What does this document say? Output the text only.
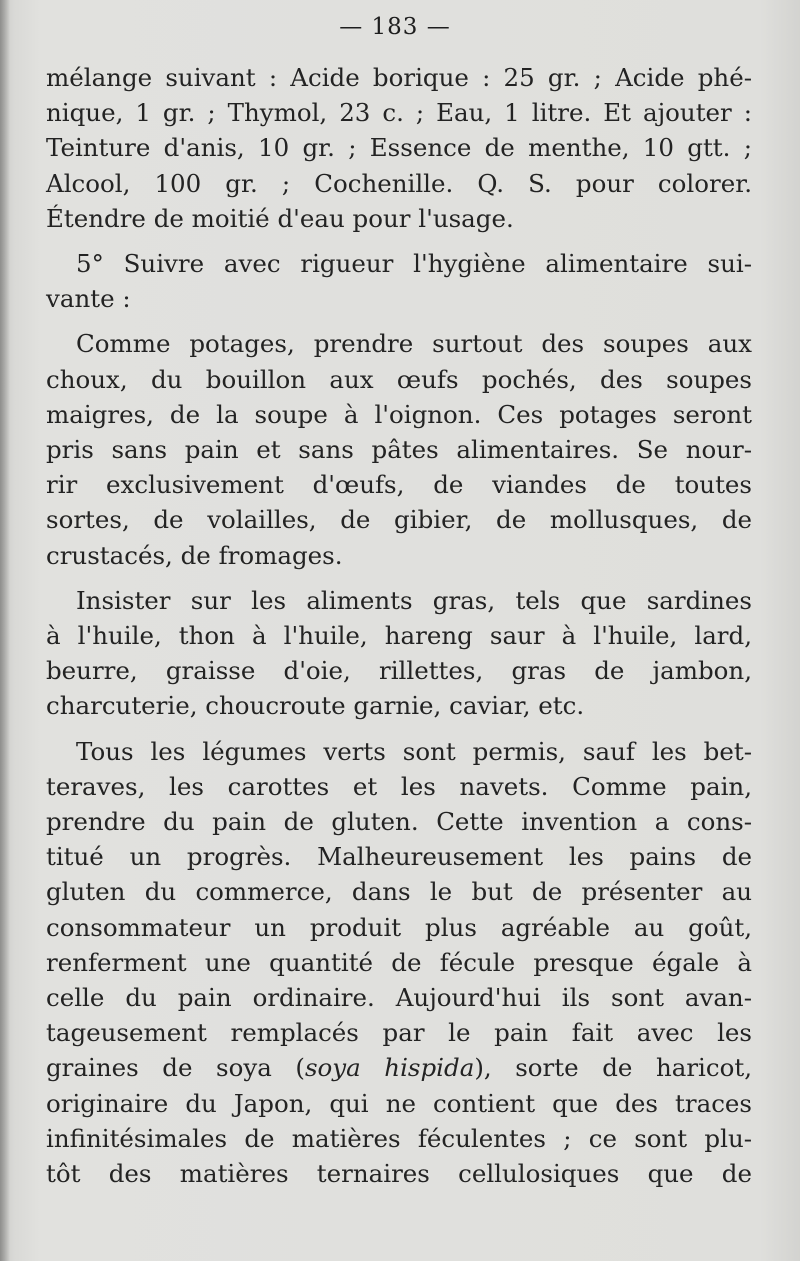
— 183 —

mélange suivant : Acide borique : 25 gr. ; Acide phé-
nique, 1 gr. ; Thymol, 23 c. ; Eau, 1 litre. Et ajouter :
Teinture d'anis, 10 gr. ; Essence de menthe, 10 gtt. ;
Alcool, 100 gr. ; Cochenille. Q. S. pour colorer.
Étendre de moitié d'eau pour l'usage.

5° Suivre avec rigueur l'hygiène alimentaire sui-
vante :

Comme potages, prendre surtout des soupes aux
choux, du bouillon aux œufs pochés, des soupes
maigres, de la soupe à l'oignon. Ces potages seront
pris sans pain et sans pâtes alimentaires. Se nour-
rir exclusivement d'œufs, de viandes de toutes
sortes, de volailles, de gibier, de mollusques, de
crustacés, de fromages.

Insister sur les aliments gras, tels que sardines
à l'huile, thon à l'huile, hareng saur à l'huile, lard,
beurre, graisse d'oie, rillettes, gras de jambon,
charcuterie, choucroute garnie, caviar, etc.

Tous les légumes verts sont permis, sauf les bet-
teraves, les carottes et les navets. Comme pain,
prendre du pain de gluten. Cette invention a cons-
titué un progrès. Malheureusement les pains de
gluten du commerce, dans le but de présenter au
consommateur un produit plus agréable au goût,
renferment une quantité de fécule presque égale à
celle du pain ordinaire. Aujourd'hui ils sont avan-
tageusement remplacés par le pain fait avec les
graines de soya (soya hispida), sorte de haricot,
originaire du Japon, qui ne contient que des traces
infinitésimales de matières féculentes ; ce sont plu-
tôt des matières ternaires cellulosiques que de
